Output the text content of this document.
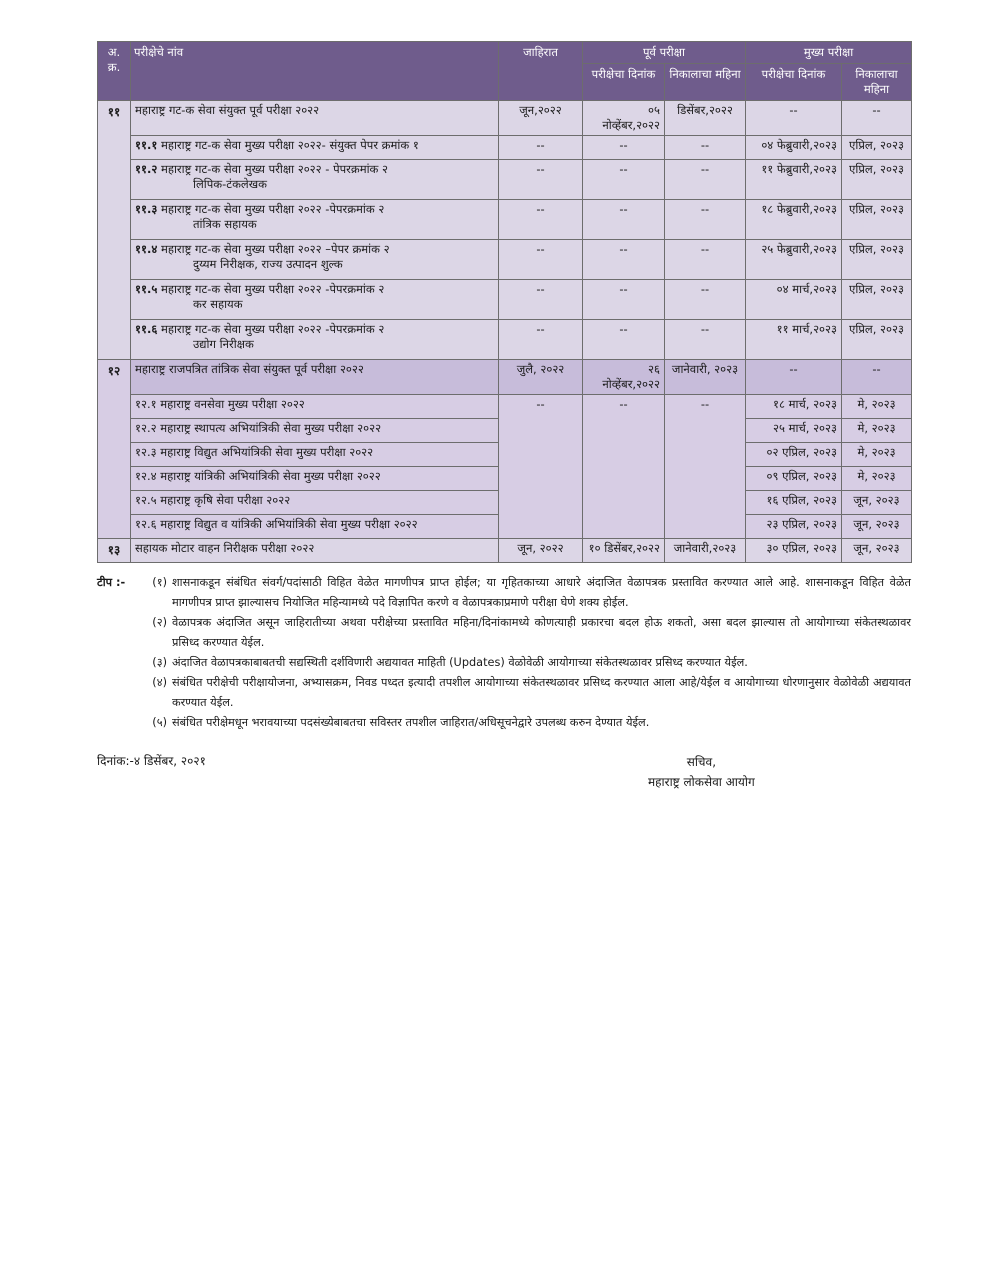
अ. क्र.	परीक्षेचे नांव	जाहिरात	पूर्व परीक्षा		मुख्य परीक्षा	
			परीक्षेचा दिनांक	निकालाचा महिना	परीक्षेचा दिनांक	निकालाचा महिना
११	महाराष्ट्र गट-क सेवा संयुक्त पूर्व परीक्षा २०२२	जून,२०२२	०५ नोव्हेंबर,२०२२	डिसेंबर,२०२२	--	--
	११.१ महाराष्ट्र गट-क सेवा मुख्य परीक्षा २०२२- संयुक्त पेपर क्रमांक १	--	--	--	०४ फेब्रुवारी,२०२३	एप्रिल, २०२३
	११.२ महाराष्ट्र गट-क सेवा मुख्य परीक्षा २०२२ - पेपरक्रमांक २
लिपिक-टंकलेखक	--	--	--	११ फेब्रुवारी,२०२३	एप्रिल, २०२३
	११.३ महाराष्ट्र गट-क सेवा मुख्य परीक्षा २०२२ -पेपरक्रमांक २
तांत्रिक सहायक	--	--	--	१८ फेब्रुवारी,२०२३	एप्रिल, २०२३
	११.४ महाराष्ट्र गट-क सेवा मुख्य परीक्षा २०२२ –पेपर क्रमांक २
दुय्यम निरीक्षक, राज्य उत्पादन शुल्क	--	--	--	२५ फेब्रुवारी,२०२३	एप्रिल, २०२३
	११.५ महाराष्ट्र गट-क सेवा मुख्य परीक्षा २०२२ -पेपरक्रमांक २
कर सहायक	--	--	--	०४ मार्च,२०२३	एप्रिल, २०२३
	११.६ महाराष्ट्र गट-क सेवा मुख्य परीक्षा २०२२ -पेपरक्रमांक २
उद्योग निरीक्षक	--	--	--	११ मार्च,२०२३	एप्रिल, २०२३
१२	महाराष्ट्र राजपत्रित तांत्रिक सेवा संयुक्त पूर्व परीक्षा २०२२	जुलै, २०२२	२६ नोव्हेंबर,२०२२	जानेवारी, २०२३	--	--
	१२.१ महाराष्ट्र वनसेवा मुख्य परीक्षा २०२२	--	--	--	१८ मार्च, २०२३	मे, २०२३
	१२.२ महाराष्ट्र स्थापत्य अभियांत्रिकी सेवा मुख्य परीक्षा २०२२				२५ मार्च, २०२३	मे, २०२३
	१२.३ महाराष्ट्र विद्युत अभियांत्रिकी सेवा मुख्य परीक्षा २०२२				०२ एप्रिल, २०२३	मे, २०२३
	१२.४ महाराष्ट्र यांत्रिकी अभियांत्रिकी सेवा मुख्य परीक्षा २०२२				०९ एप्रिल, २०२३	मे, २०२३
	१२.५ महाराष्ट्र कृषि सेवा परीक्षा २०२२				१६ एप्रिल, २०२३	जून, २०२३
	१२.६ महाराष्ट्र विद्युत व यांत्रिकी अभियांत्रिकी सेवा मुख्य परीक्षा २०२२				२३ एप्रिल, २०२३	जून, २०२३
१३	सहायक मोटार वाहन निरीक्षक परीक्षा २०२२	जून, २०२२	१० डिसेंबर,२०२२	जानेवारी,२०२३	३० एप्रिल, २०२३	जून, २०२३
टीप :-	(१) शासनाकडून संबंधित संवर्ग/पदांसाठी विहित वेळेत मागणीपत्र प्राप्त होईल; या गृहितकाच्या आधारे अंदाजित वेळापत्रक प्रस्तावित करण्यात आले आहे. शासनाकडून विहित वेळेत मागणीपत्र प्राप्त झाल्यासच नियोजित महिन्यामध्ये पदे विज्ञापित करणे व वेळापत्रकाप्रमाणे परीक्षा घेणे शक्य होईल.
(२) वेळापत्रक अंदाजित असून जाहिरातीच्या अथवा परीक्षेच्या प्रस्तावित महिना/दिनांकामध्ये कोणत्याही प्रकारचा बदल होऊ शकतो, असा बदल झाल्यास तो आयोगाच्या संकेतस्थळावर प्रसिध्द करण्यात येईल.
(३) अंदाजित वेळापत्रकाबाबतची सद्यस्थिती दर्शविणारी अद्ययावत माहिती (Updates) वेळोवेळी आयोगाच्या संकेतस्थळावर प्रसिध्द करण्यात येईल.
(४) संबंधित परीक्षेची परीक्षायोजना, अभ्यासक्रम, निवड पध्दत इत्यादी तपशील आयोगाच्या संकेतस्थळावर प्रसिध्द करण्यात आला आहे/येईल व आयोगाच्या धोरणानुसार वेळोवेळी अद्ययावत करण्यात येईल.
(५) संबंधित परीक्षेमधून भरावयाच्या पदसंख्येबाबतचा सविस्तर तपशील जाहिरात/अधिसूचनेद्वारे उपलब्ध करुन देण्यात येईल.
दिनांक:-४ डिसेंबर, २०२१	सचिव,
महाराष्ट्र लोकसेवा आयोग
